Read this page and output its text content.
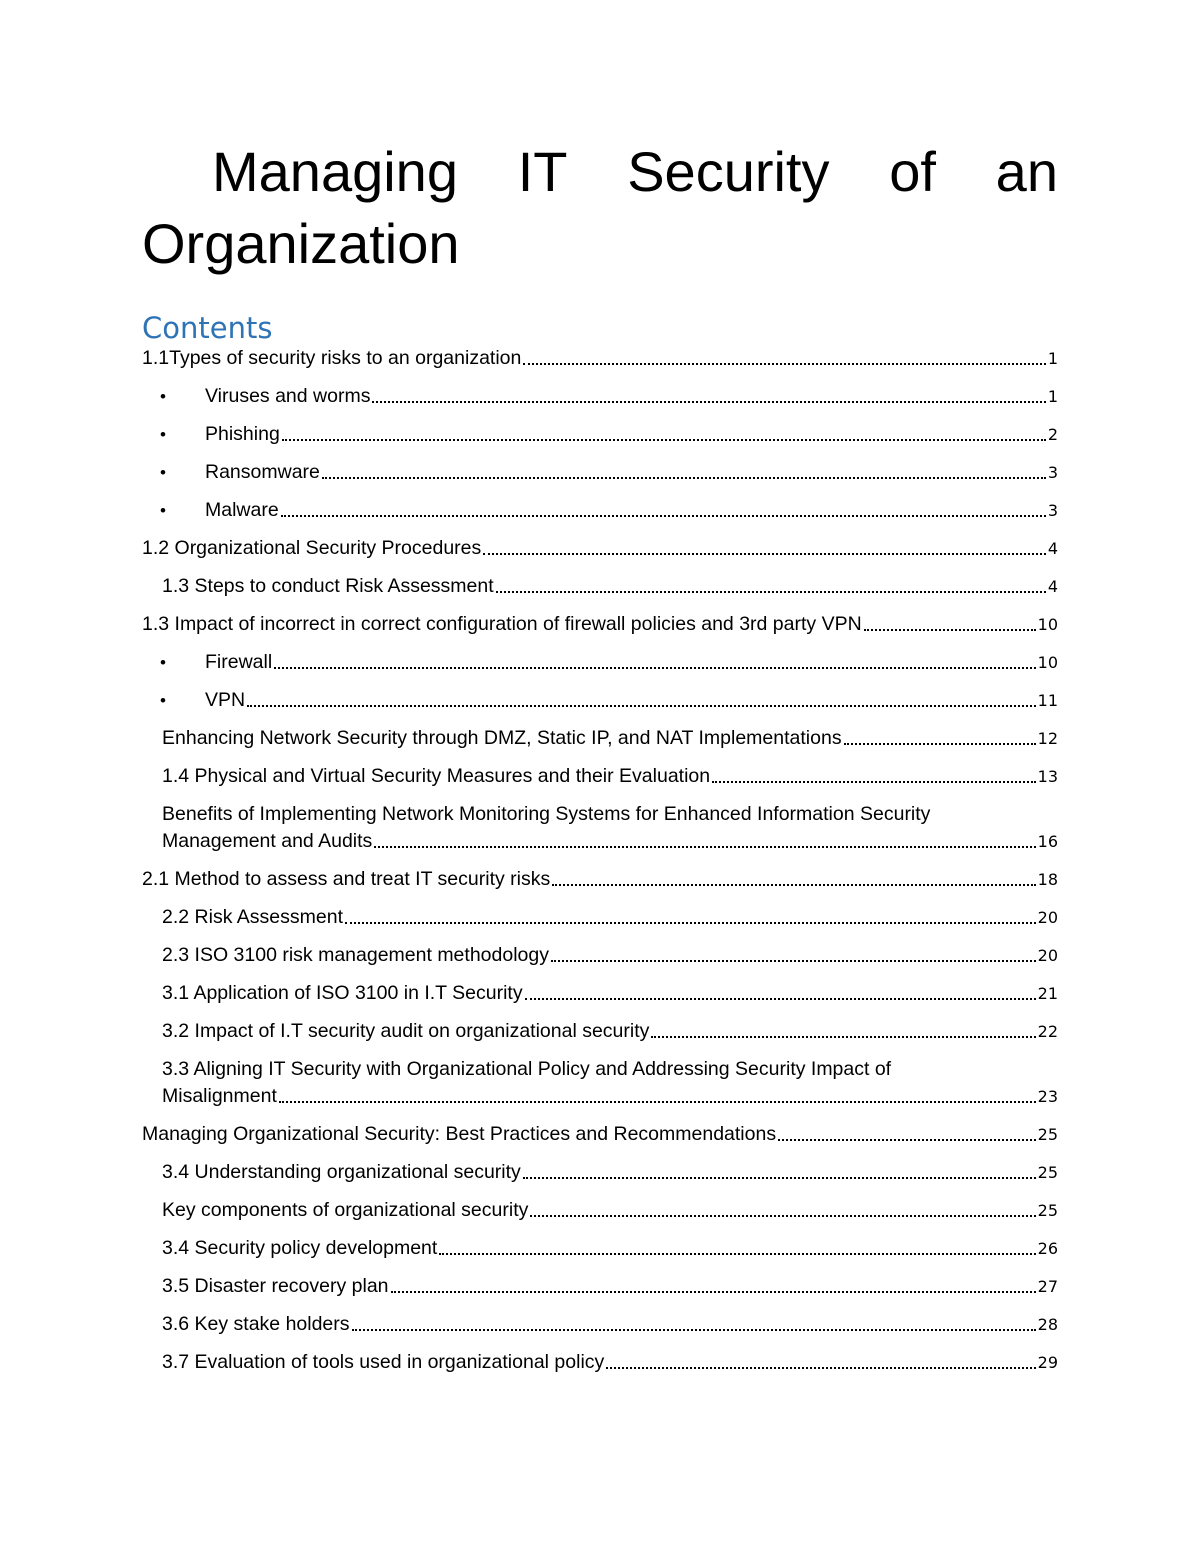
Managing IT Security of an
Organization
Contents
1.1Types of security risks to an organization	1
•	Viruses and worms	1
•	Phishing	2
•	Ransomware	3
•	Malware	3
1.2 Organizational Security Procedures	4
1.3 Steps to conduct Risk Assessment	4
1.3 Impact of incorrect in correct configuration of firewall policies and 3rd party VPN	10
•	Firewall	10
•	VPN	11
Enhancing Network Security through DMZ, Static IP, and NAT Implementations	12
1.4 Physical and Virtual Security Measures and their Evaluation	13
Benefits of Implementing Network Monitoring Systems for Enhanced Information Security
Management and Audits	16
2.1 Method to assess and treat IT security risks	18
2.2 Risk Assessment	20
2.3 ISO 3100 risk management methodology	20
3.1 Application of ISO 3100 in I.T Security	21
3.2 Impact of I.T security audit on organizational security	22
3.3 Aligning IT Security with Organizational Policy and Addressing Security Impact of
Misalignment	23
Managing Organizational Security: Best Practices and Recommendations	25
3.4 Understanding organizational security	25
Key components of organizational security	25
3.4 Security policy development	26
3.5 Disaster recovery plan	27
3.6 Key stake holders	28
3.7 Evaluation of tools used in organizational policy	29
